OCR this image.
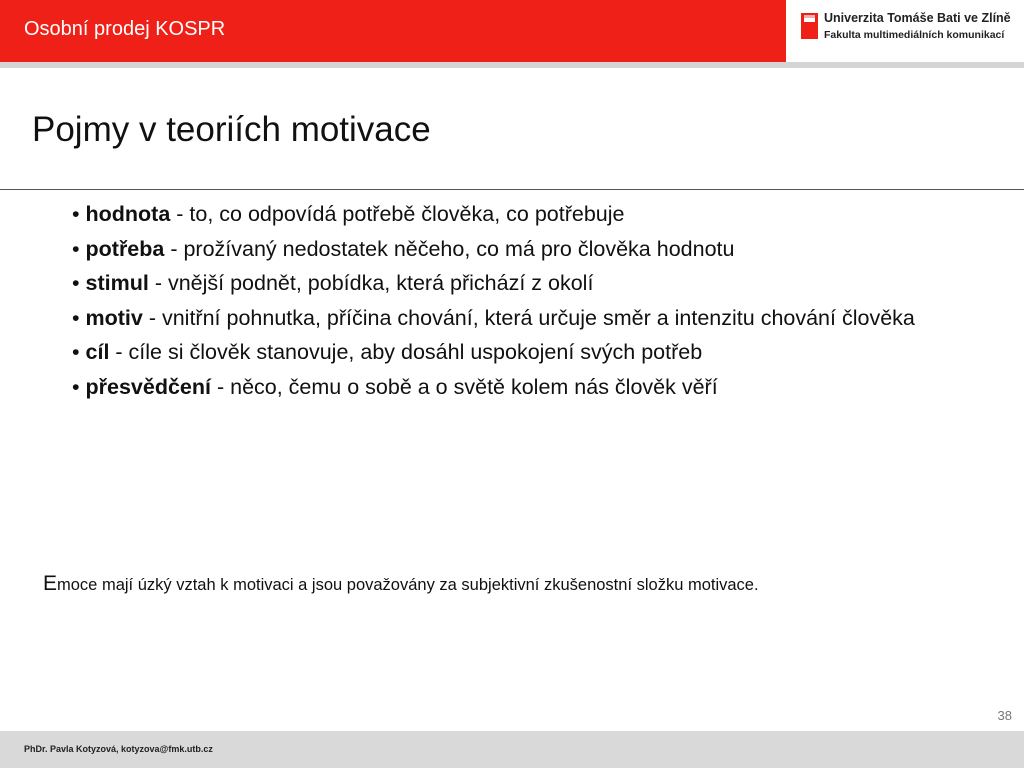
Osobní prodej KOSPR	Univerzita Tomáše Bati ve Zlíně
Fakulta multimediálních komunikací
Pojmy v teoriích motivace

• hodnota - to, co odpovídá potřebě člověka, co potřebuje

• potřeba - prožívaný nedostatek něčeho, co má pro člověka hodnotu

• stimul - vnější podnět, pobídka, která přichází z okolí

• motiv - vnitřní pohnutka, příčina chování, která určuje směr a intenzitu chování člověka

• cíl - cíle si člověk stanovuje, aby dosáhl uspokojení svých potřeb

• přesvědčení - něco, čemu o sobě a o světě kolem nás člověk věří

Emoce mají úzký vztah k motivaci a jsou považovány za subjektivní zkušenostní složku motivace.
38
PhDr. Pavla Kotyzová, kotyzova@fmk.utb.cz
